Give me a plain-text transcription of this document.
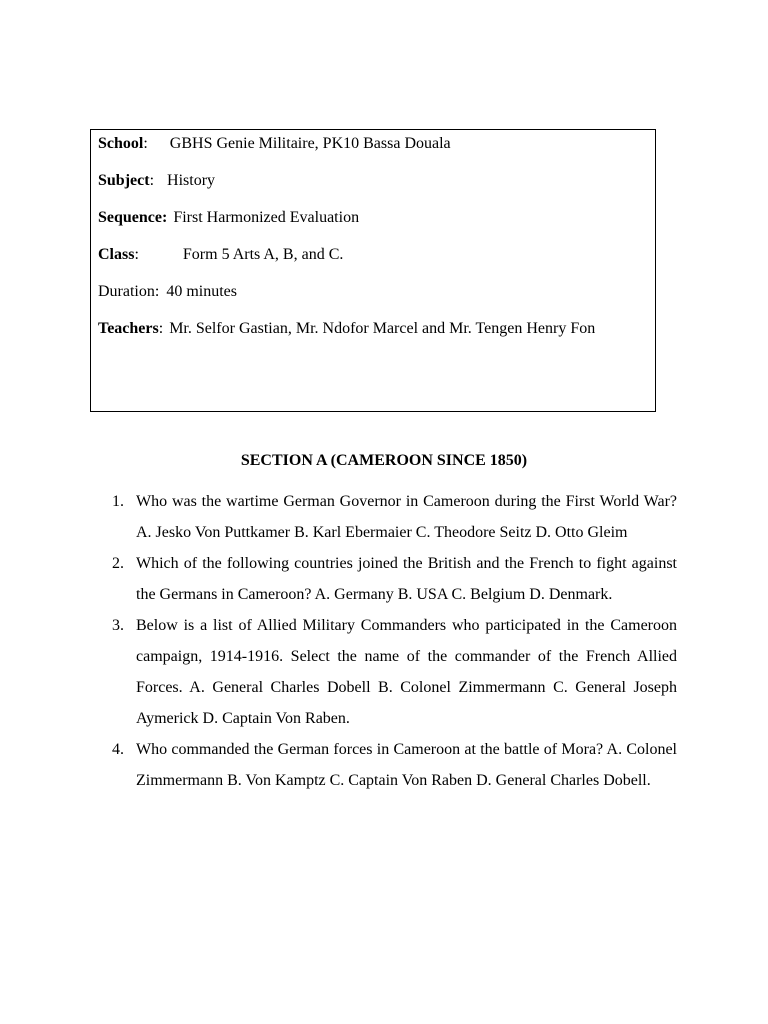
School: GBHS Genie Militaire, PK10 Bassa Douala
Subject: History
Sequence: First Harmonized Evaluation
Class:	Form 5 Arts A, B, and C.
Duration: 40 minutes
Teachers: Mr. Selfor Gastian, Mr. Ndofor Marcel and Mr. Tengen Henry Fon
SECTION A (CAMEROON SINCE 1850)
1. Who was the wartime German Governor in Cameroon during the First World War? A. Jesko Von Puttkamer B. Karl Ebermaier C. Theodore Seitz D. Otto Gleim
2. Which of the following countries joined the British and the French to fight against the Germans in Cameroon? A. Germany B. USA C. Belgium D. Denmark.
3. Below is a list of Allied Military Commanders who participated in the Cameroon campaign, 1914-1916. Select the name of the commander of the French Allied Forces. A. General Charles Dobell B. Colonel Zimmermann C. General Joseph Aymerick D. Captain Von Raben.
4. Who commanded the German forces in Cameroon at the battle of Mora? A. Colonel Zimmermann B. Von Kamptz C. Captain Von Raben D. General Charles Dobell.
